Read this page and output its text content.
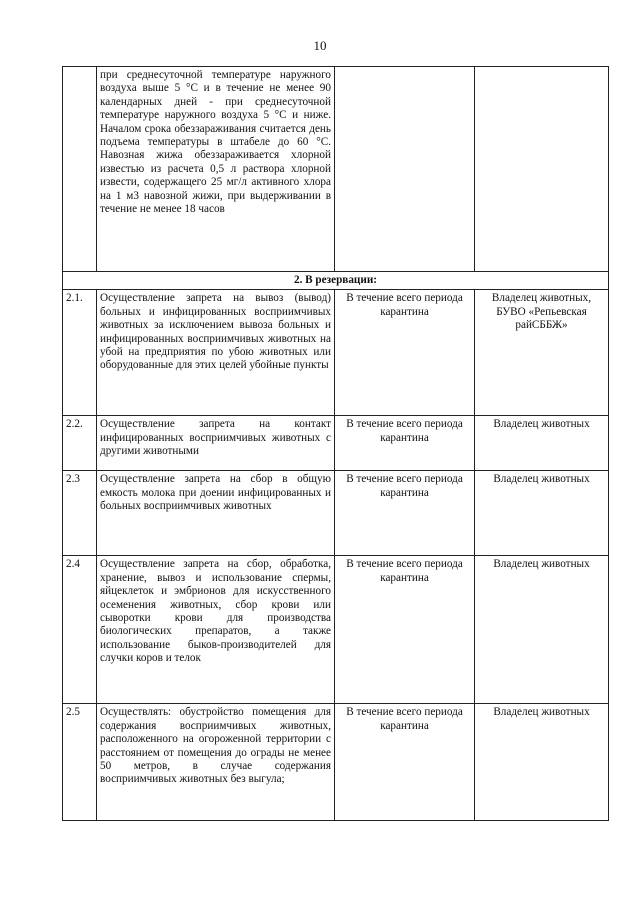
10
	при среднесуточной температуре наружного воздуха выше 5 °С и в течение не менее 90 календарных дней - при среднесуточной температуре наружного воздуха 5 °С и ниже. Началом срока обеззараживания считается день подъема температуры в штабеле до 60 °С. Навозная жижа обеззараживается хлорной известью из расчета 0,5 л раствора хлорной извести, содержащего 25 мг/л активного хлора на 1 м3 навозной жижи, при выдерживании в течение не менее 18 часов		
2. В резервации:			
2.1.	Осуществление запрета на вывоз (вывод) больных и инфицированных восприимчивых животных за исключением вывоза больных и инфицированных восприимчивых животных на убой на предприятия по убою животных или оборудованные для этих целей убойные пункты	В течение всего периода карантина	Владелец животных, БУВО «Репьевская райСББЖ»
2.2.	Осуществление запрета на контакт инфицированных восприимчивых животных с другими животными	В течение всего периода карантина	Владелец животных
2.3	Осуществление запрета на сбор в общую емкость молока при доении инфицированных и больных восприимчивых животных	В течение всего периода карантина	Владелец животных
2.4	Осуществление запрета на сбор, обработка, хранение, вывоз и использование спермы, яйцеклеток и эмбрионов для искусственного осеменения животных, сбор крови или сыворотки крови для производства биологических препаратов, а также использование быков-производителей для случки коров и телок	В течение всего периода карантина	Владелец животных
2.5	Осуществлять: обустройство помещения для содержания восприимчивых животных, расположенного на огороженной территории с расстоянием от помещения до ограды не менее 50 метров, в случае содержания восприимчивых животных без выгула;	В течение всего периода карантина	Владелец животных
